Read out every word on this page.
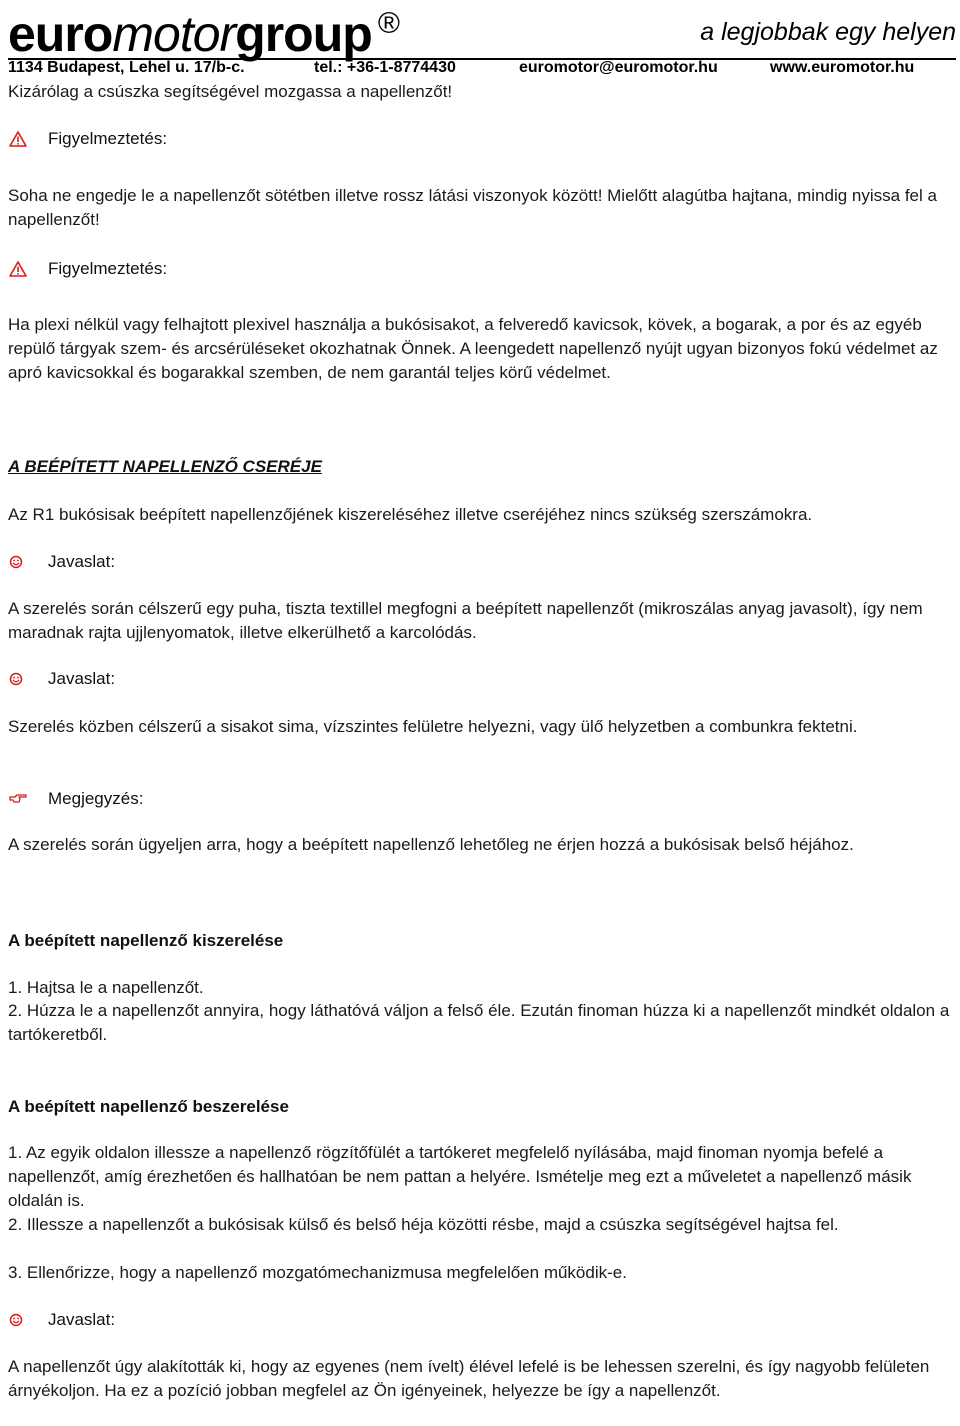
euromotorgroup ®	a legjobbak egy helyen
1134 Budapest, Lehel u. 17/b-c.	tel.: +36-1-8774430	euromotor@euromotor.hu	www.euromotor.hu
Kizárólag a csúszka segítségével mozgassa a napellenzőt!
Figyelmeztetés:
Soha ne engedje le a napellenzőt sötétben illetve rossz látási viszonyok között! Mielőtt alagútba hajtana, mindig nyissa fel a napellenzőt!
Figyelmeztetés:
Ha plexi nélkül vagy felhajtott plexivel használja a bukósisakot, a felveredő kavicsok, kövek, a bogarak, a por és az egyéb repülő tárgyak szem- és arcsérüléseket okozhatnak Önnek. A leengedett napellenző nyújt ugyan bizonyos fokú védelmet az apró kavicsokkal és bogarakkal szemben, de nem garantál teljes körű védelmet.
A BEÉPÍTETT NAPELLENZŐ CSERÉJE
Az R1 bukósisak beépített napellenzőjének kiszereléséhez illetve cseréjéhez nincs szükség szerszámokra.
Javaslat:
A szerelés során célszerű egy puha, tiszta textillel megfogni a beépített napellenzőt (mikroszálas anyag javasolt), így nem maradnak rajta ujjlenyomatok, illetve elkerülhető a karcolódás.
Javaslat:
Szerelés közben célszerű a sisakot sima, vízszintes felületre helyezni, vagy ülő helyzetben a combunkra fektetni.
Megjegyzés:
A szerelés során ügyeljen arra, hogy a beépített napellenző lehetőleg ne érjen hozzá a bukósisak belső héjához.
A beépített napellenző kiszerelése
1. Hajtsa le a napellenzőt.
2. Húzza le a napellenzőt annyira, hogy láthatóvá váljon a felső éle. Ezután finoman húzza ki a napellenzőt mindkét oldalon a tartókeretből.
A beépített napellenző beszerelése
1. Az egyik oldalon illessze a napellenző rögzítőfülét a tartókeret megfelelő nyílásába, majd finoman nyomja befelé a napellenzőt, amíg érezhetően és hallhatóan be nem pattan a helyére. Ismételje meg ezt a műveletet a napellenző másik oldalán is.
2. Illessze a napellenzőt a bukósisak külső és belső héja közötti résbe, majd a csúszka segítségével hajtsa fel.
3. Ellenőrizze, hogy a napellenző mozgatómechanizmusa megfelelően működik-e.
Javaslat:
A napellenzőt úgy alakították ki, hogy az egyenes (nem ívelt) élével lefelé is be lehessen szerelni, és így nagyobb felületen árnyékoljon. Ha ez a pozíció jobban megfelel az Ön igényeinek, helyezze be így a napellenzőt.
